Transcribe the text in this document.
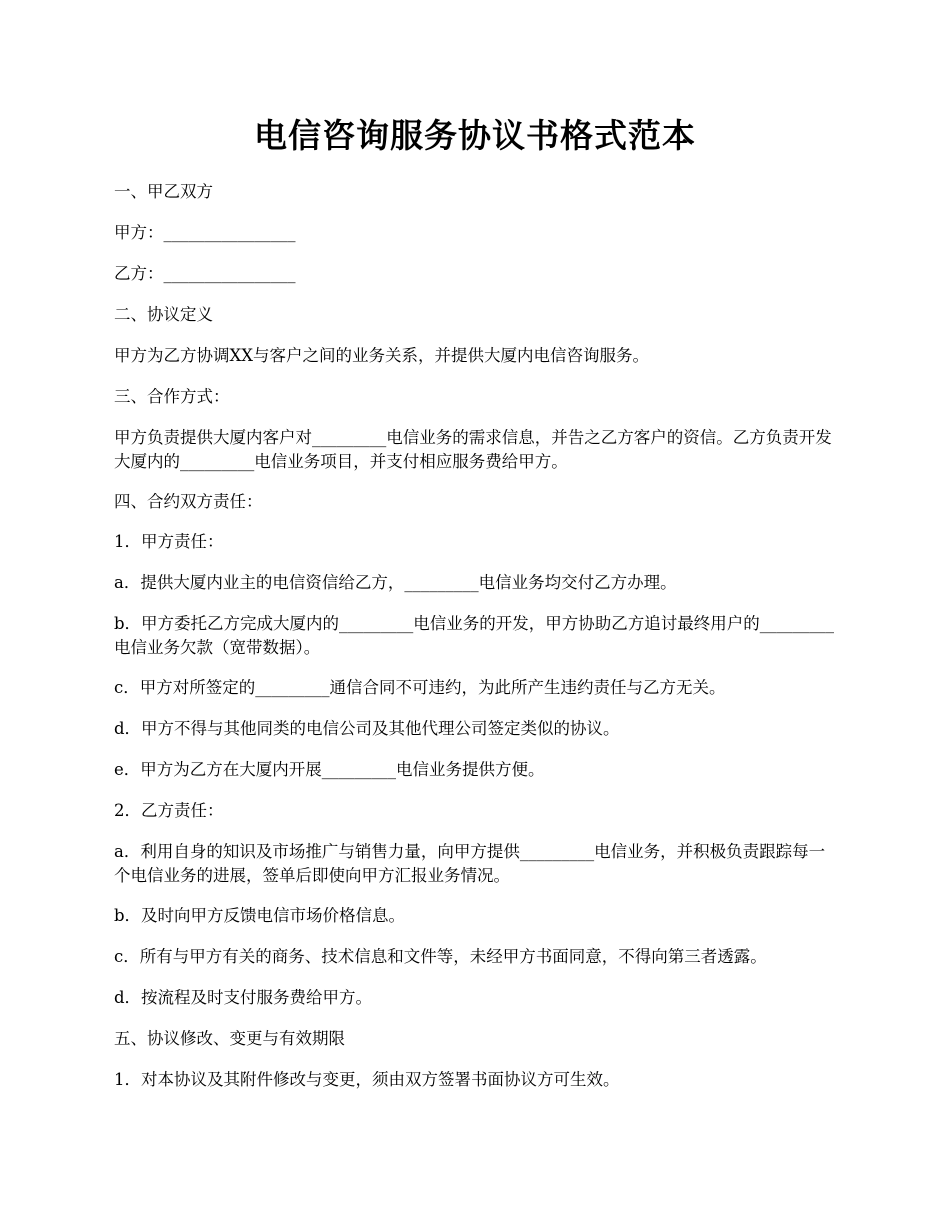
电信咨询服务协议书格式范本

一、甲乙双方

甲方：________________

乙方：________________

二、协议定义

甲方为乙方协调XX与客户之间的业务关系，并提供大厦内电信咨询服务。

三、合作方式：

甲方负责提供大厦内客户对_________电信业务的需求信息，并告之乙方客户的资信。乙方负责开发大厦内的_________电信业务项目，并支付相应服务费给甲方。

四、合约双方责任：

1．甲方责任：

a．提供大厦内业主的电信资信给乙方，_________电信业务均交付乙方办理。

b．甲方委托乙方完成大厦内的_________电信业务的开发，甲方协助乙方追讨最终用户的_________电信业务欠款（宽带数据）。

c．甲方对所签定的_________通信合同不可违约，为此所产生违约责任与乙方无关。

d．甲方不得与其他同类的电信公司及其他代理公司签定类似的协议。

e．甲方为乙方在大厦内开展_________电信业务提供方便。

2．乙方责任：

a．利用自身的知识及市场推广与销售力量，向甲方提供_________电信业务，并积极负责跟踪每一个电信业务的进展，签单后即使向甲方汇报业务情况。

b．及时向甲方反馈电信市场价格信息。

c．所有与甲方有关的商务、技术信息和文件等，未经甲方书面同意，不得向第三者透露。

d．按流程及时支付服务费给甲方。

五、协议修改、变更与有效期限

1．对本协议及其附件修改与变更，须由双方签署书面协议方可生效。
